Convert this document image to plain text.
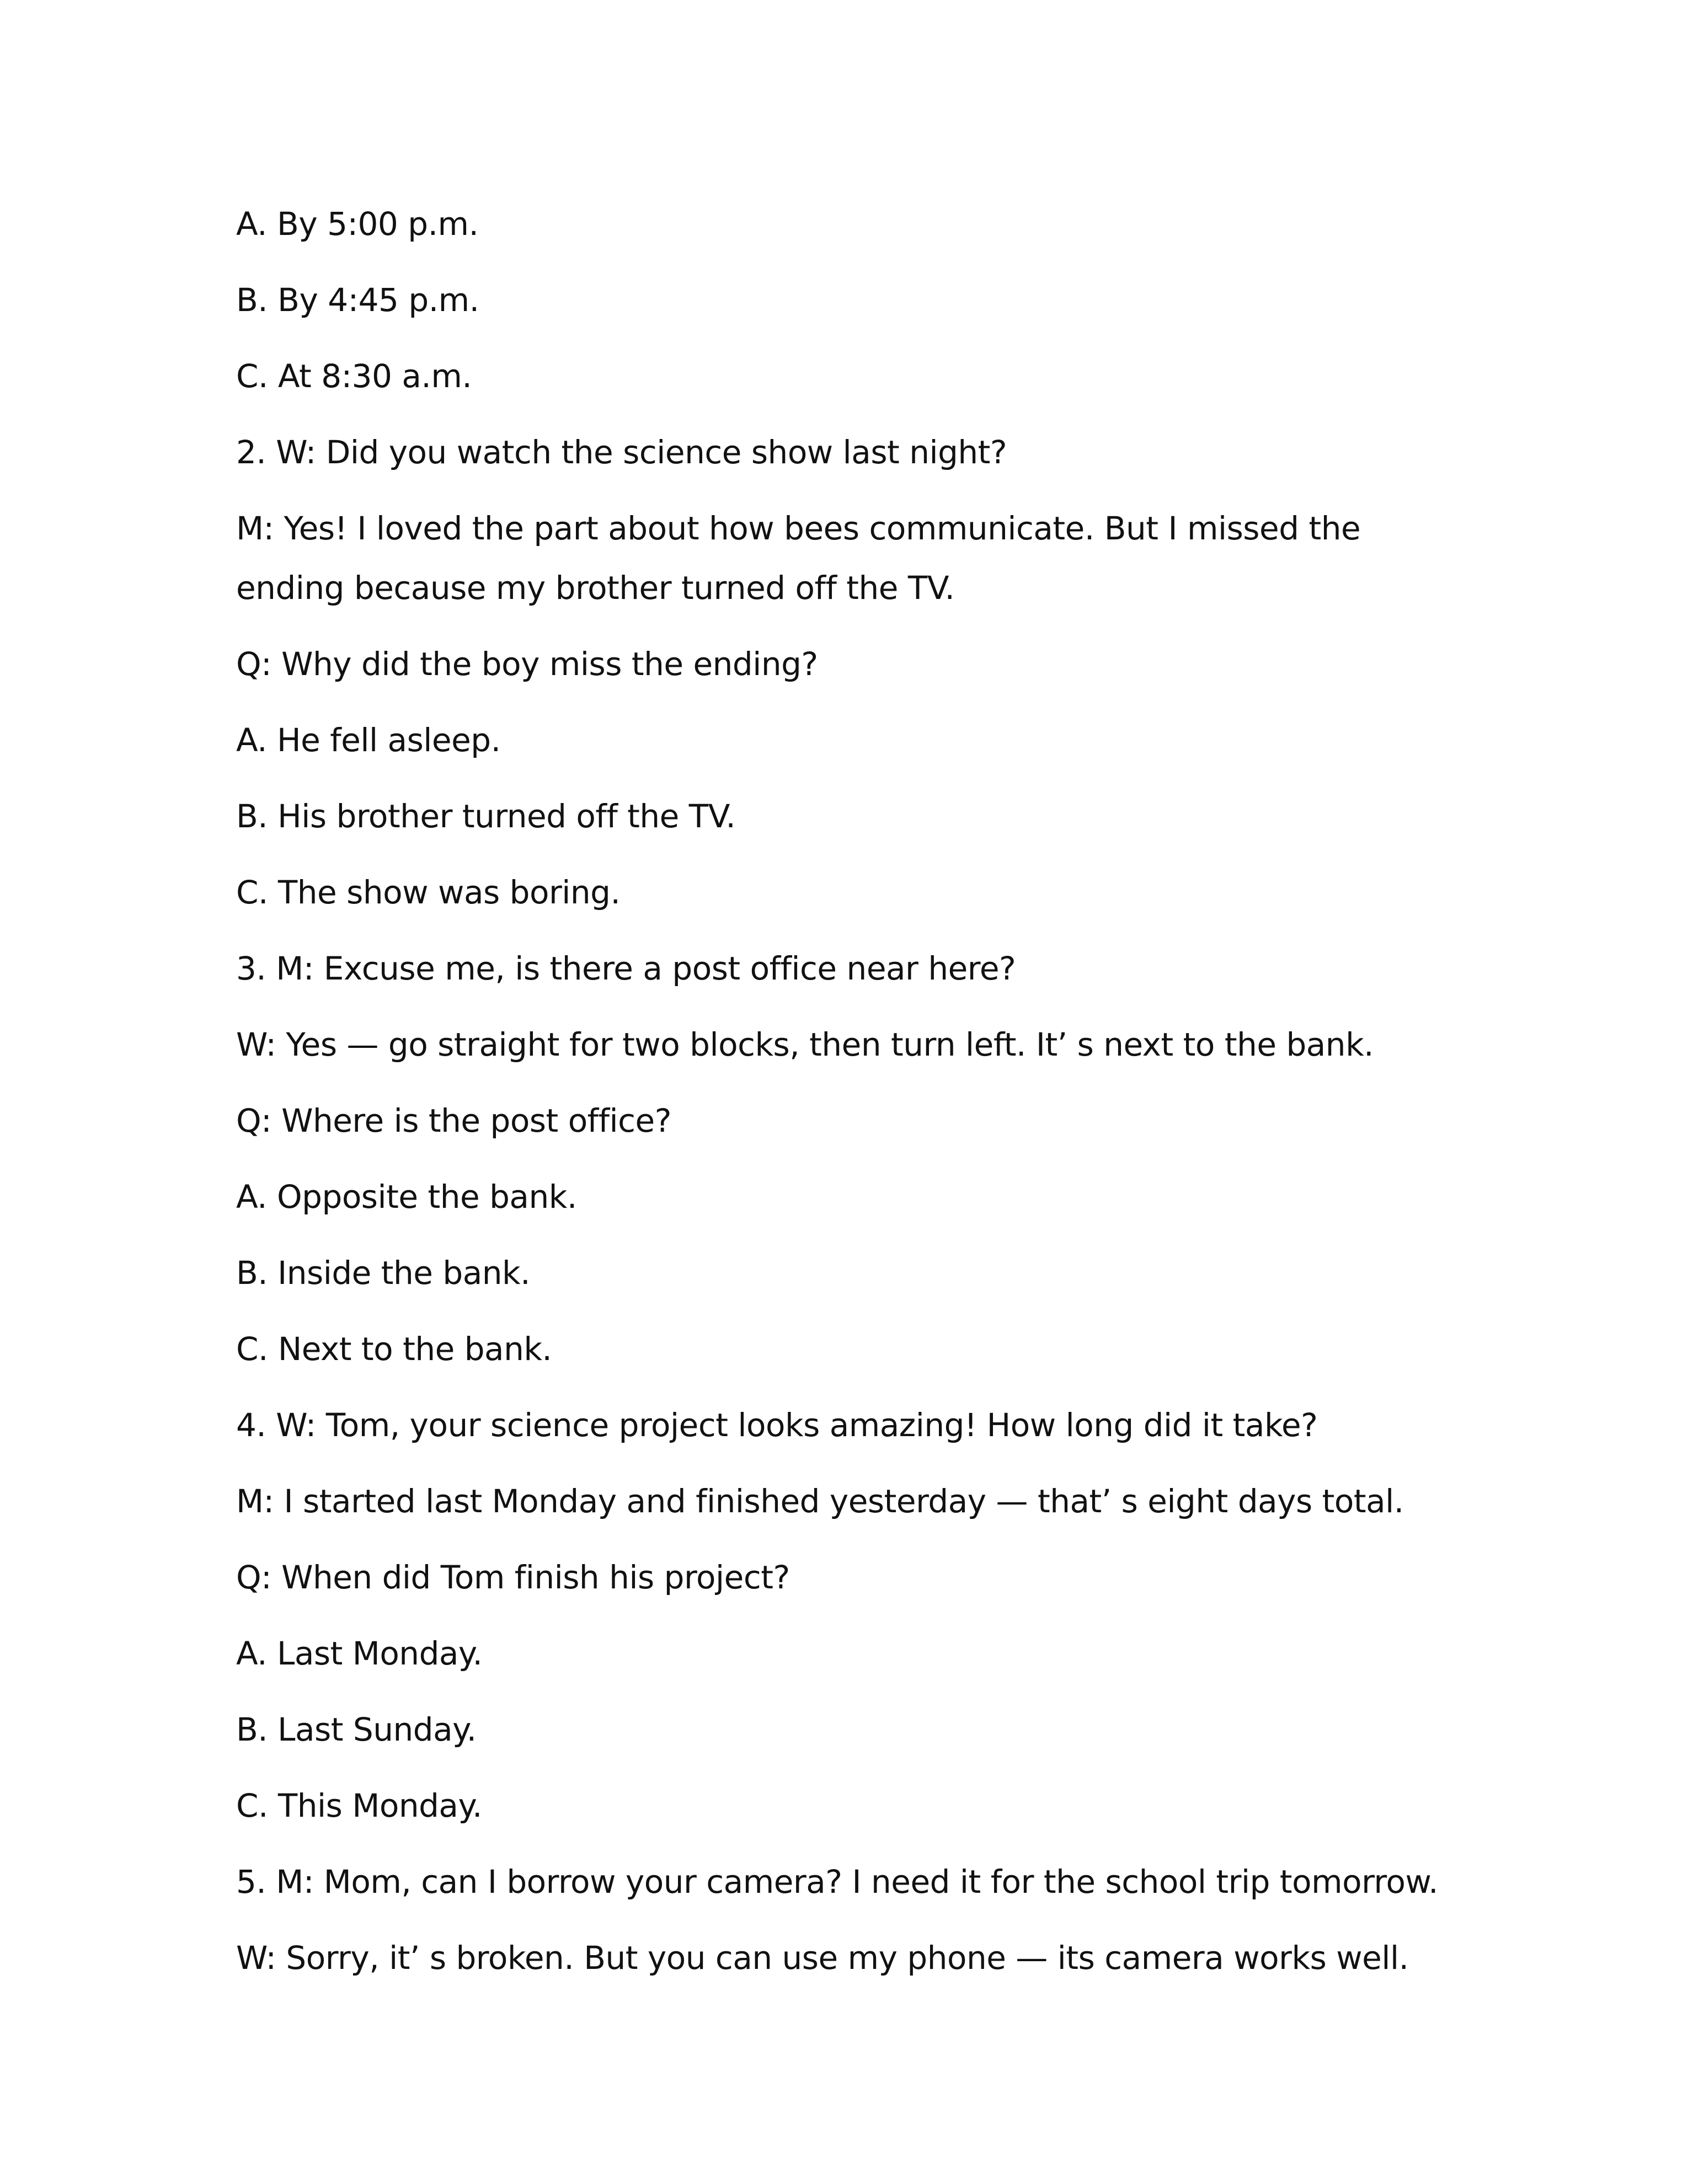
A. By 5:00 p.m.

B. By 4:45 p.m.

C. At 8:30 a.m.

2. W: Did you watch the science show last night?

M: Yes! I loved the part about how bees communicate. But I missed the ending because my brother turned off the TV.

Q: Why did the boy miss the ending?

A. He fell asleep.

B. His brother turned off the TV.

C. The show was boring.

3. M: Excuse me, is there a post office near here?

W: Yes — go straight for two blocks, then turn left. It’ s next to the bank.

Q: Where is the post office?

A. Opposite the bank.

B. Inside the bank.

C. Next to the bank.

4. W: Tom, your science project looks amazing! How long did it take?

M: I started last Monday and finished yesterday — that’ s eight days total.

Q: When did Tom finish his project?

A. Last Monday.

B. Last Sunday.

C. This Monday.

5. M: Mom, can I borrow your camera? I need it for the school trip tomorrow.

W: Sorry, it’ s broken. But you can use my phone — its camera works well.
